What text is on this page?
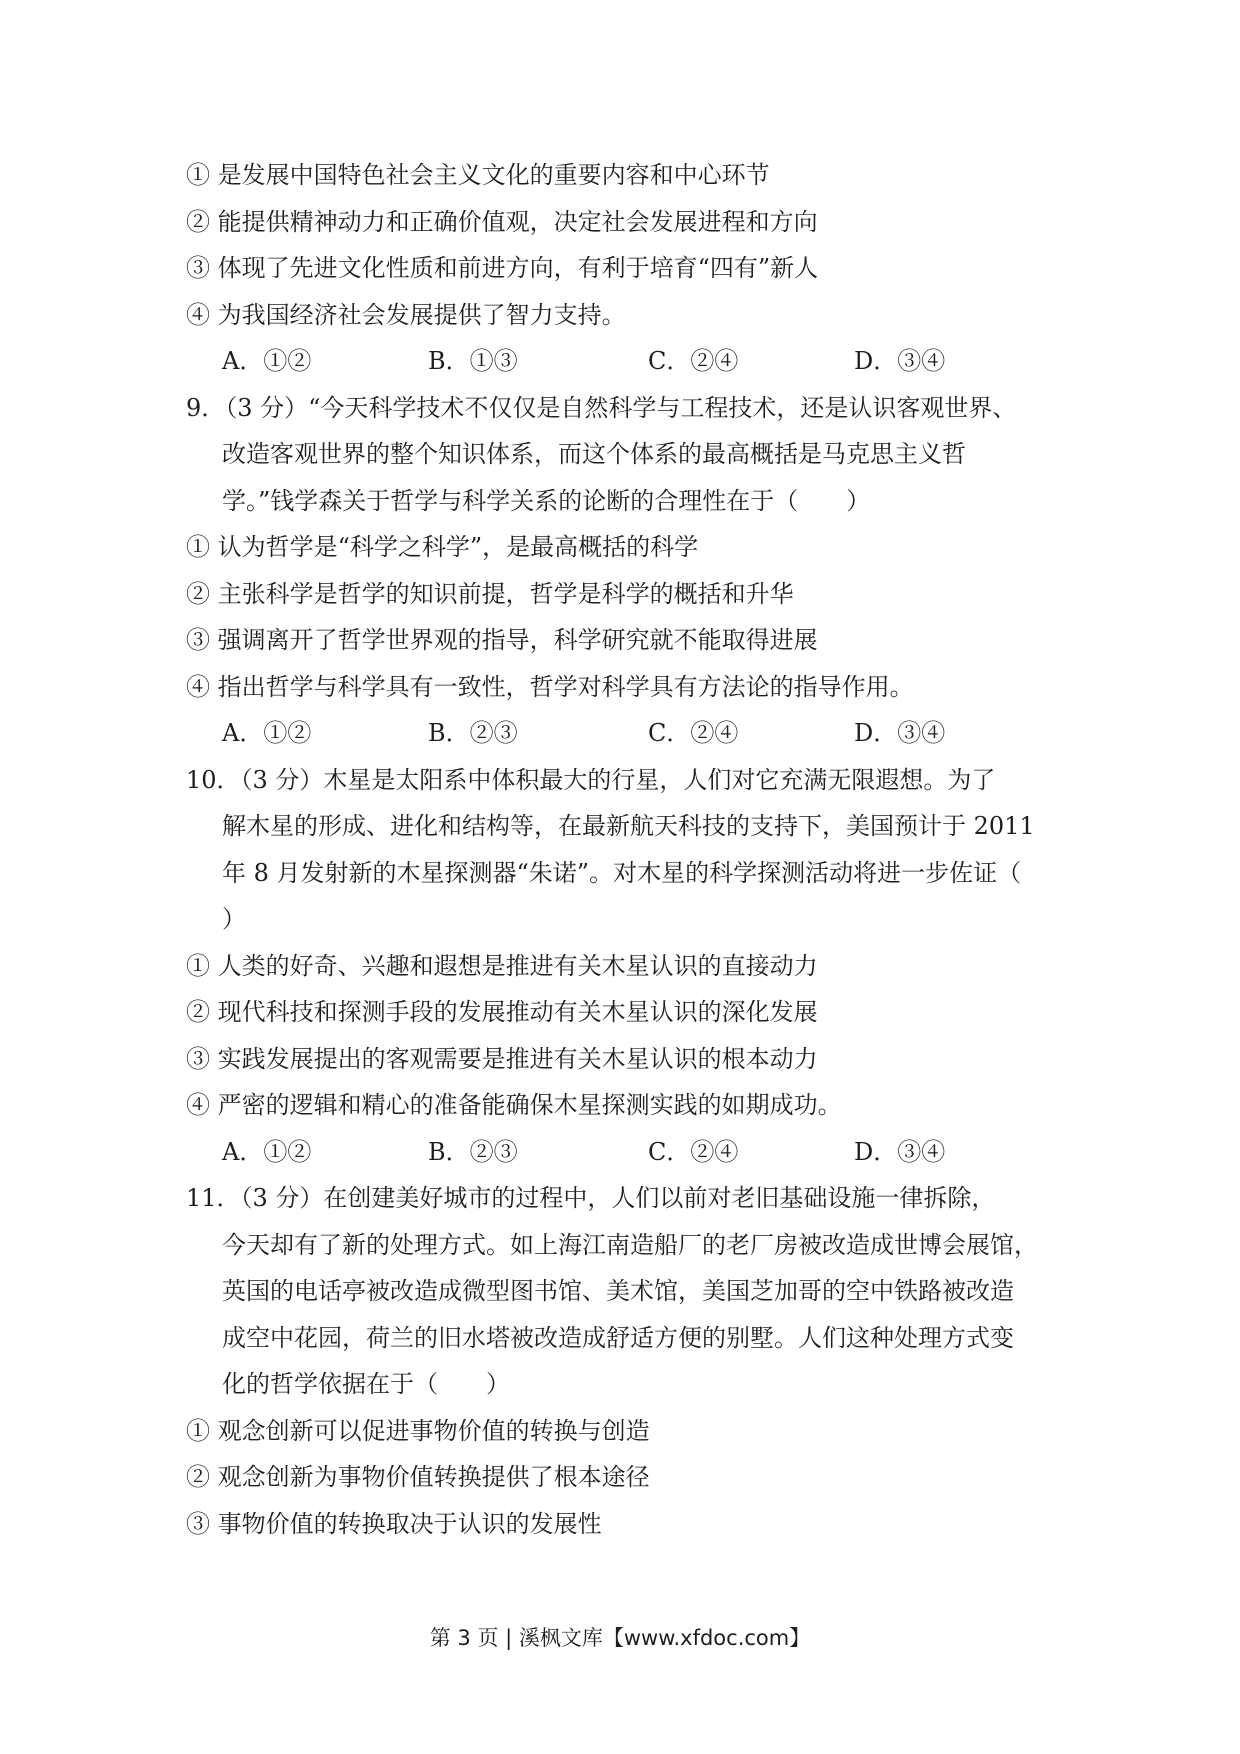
① 是发展中国特色社会主义文化的重要内容和中心环节
② 能提供精神动力和正确价值观，决定社会发展进程和方向
③ 体现了先进文化性质和前进方向，有利于培育“四有”新人
④ 为我国经济社会发展提供了智力支持。
A．①②	B．①③	C．②④	D．③④
9．（3 分）“今天科学技术不仅仅是自然科学与工程技术，还是认识客观世界、
改造客观世界的整个知识体系，而这个体系的最高概括是马克思主义哲
学。”钱学森关于哲学与科学关系的论断的合理性在于（　　）
① 认为哲学是“科学之科学”，是最高概括的科学
② 主张科学是哲学的知识前提，哲学是科学的概括和升华
③ 强调离开了哲学世界观的指导，科学研究就不能取得进展
④ 指出哲学与科学具有一致性，哲学对科学具有方法论的指导作用。
A．①②	B．②③	C．②④	D．③④
10．（3 分）木星是太阳系中体积最大的行星，人们对它充满无限遐想。为了
解木星的形成、进化和结构等，在最新航天科技的支持下，美国预计于 2011
年 8 月发射新的木星探测器“朱诺”。对木星的科学探测活动将进一步佐证（
）
① 人类的好奇、兴趣和遐想是推进有关木星认识的直接动力
② 现代科技和探测手段的发展推动有关木星认识的深化发展
③ 实践发展提出的客观需要是推进有关木星认识的根本动力
④ 严密的逻辑和精心的准备能确保木星探测实践的如期成功。
A．①②	B．②③	C．②④	D．③④
11．（3 分）在创建美好城市的过程中，人们以前对老旧基础设施一律拆除，
今天却有了新的处理方式。如上海江南造船厂的老厂房被改造成世博会展馆，
英国的电话亭被改造成微型图书馆、美术馆，美国芝加哥的空中铁路被改造
成空中花园，荷兰的旧水塔被改造成舒适方便的别墅。人们这种处理方式变
化的哲学依据在于（　　）
① 观念创新可以促进事物价值的转换与创造
② 观念创新为事物价值转换提供了根本途径
③ 事物价值的转换取决于认识的发展性
第 3 页 | 溪枫文库【www.xfdoc.com】
